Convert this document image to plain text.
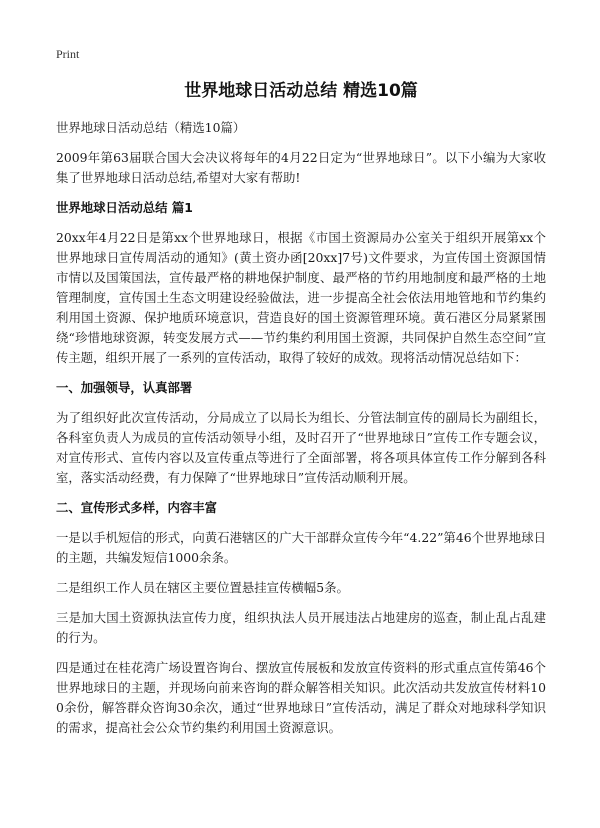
Print
世界地球日活动总结 精选10篇

世界地球日活动总结（精选10篇）

2009年第63届联合国大会决议将每年的4月22日定为“世界地球日”。以下小编为大家收集了世界地球日活动总结,希望对大家有帮助!

世界地球日活动总结 篇1

20xx年4月22日是第xx个世界地球日，根据《市国土资源局办公室关于组织开展第xx个世界地球日宣传周活动的通知》(黄土资办函[20xx]7号)文件要求，为宣传国土资源国情市情以及国策国法，宣传最严格的耕地保护制度、最严格的节约用地制度和最严格的土地管理制度，宣传国土生态文明建设经验做法，进一步提高全社会依法用地管地和节约集约利用国土资源、保护地质环境意识，营造良好的国土资源管理环境。黄石港区分局紧紧围绕“珍惜地球资源，转变发展方式——节约集约利用国土资源，共同保护自然生态空间”宣传主题，组织开展了一系列的宣传活动，取得了较好的成效。现将活动情况总结如下：

一、加强领导，认真部署

为了组织好此次宣传活动，分局成立了以局长为组长、分管法制宣传的副局长为副组长，各科室负责人为成员的宣传活动领导小组，及时召开了“世界地球日”宣传工作专题会议，对宣传形式、宣传内容以及宣传重点等进行了全面部署，将各项具体宣传工作分解到各科室，落实活动经费，有力保障了“世界地球日”宣传活动顺利开展。

二、宣传形式多样，内容丰富

一是以手机短信的形式，向黄石港辖区的广大干部群众宣传今年“4.22”第46个世界地球日的主题，共编发短信1000余条。

二是组织工作人员在辖区主要位置悬挂宣传横幅5条。

三是加大国土资源执法宣传力度，组织执法人员开展违法占地建房的巡查，制止乱占乱建的行为。

四是通过在桂花湾广场设置咨询台、摆放宣传展板和发放宣传资料的形式重点宣传第46个世界地球日的主题，并现场向前来咨询的群众解答相关知识。此次活动共发放宣传材料100余份，解答群众咨询30余次，通过“世界地球日”宣传活动，满足了群众对地球科学知识的需求，提高社会公众节约集约利用国土资源意识。
